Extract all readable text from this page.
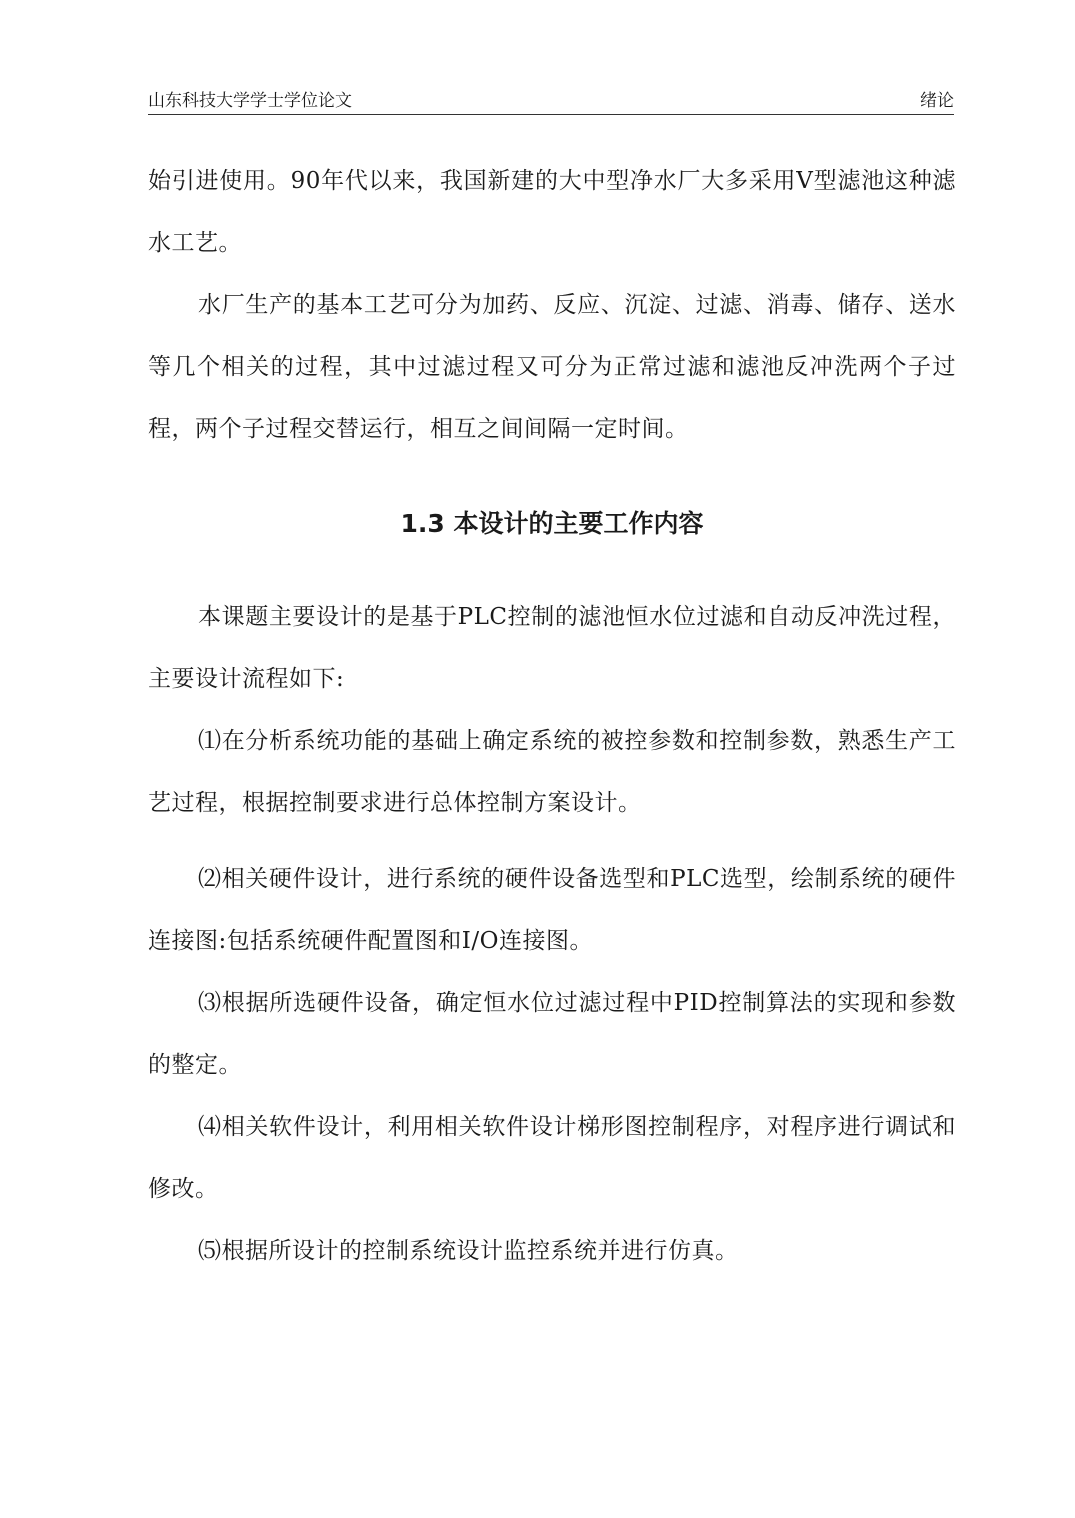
山东科技大学学士学位论文	绪论

始引进使用。90年代以来，我国新建的大中型净水厂大多采用V型滤池这种滤水工艺。

水厂生产的基本工艺可分为加药、反应、沉淀、过滤、消毒、储存、送水等几个相关的过程，其中过滤过程又可分为正常过滤和滤池反冲洗两个子过程，两个子过程交替运行，相互之间间隔一定时间。

1.3 本设计的主要工作内容

本课题主要设计的是基于PLC控制的滤池恒水位过滤和自动反冲洗过程，主要设计流程如下:

⑴在分析系统功能的基础上确定系统的被控参数和控制参数，熟悉生产工艺过程，根据控制要求进行总体控制方案设计。

⑵相关硬件设计，进行系统的硬件设备选型和PLC选型，绘制系统的硬件连接图:包括系统硬件配置图和I/O连接图。

⑶根据所选硬件设备，确定恒水位过滤过程中PID控制算法的实现和参数的整定。

⑷相关软件设计，利用相关软件设计梯形图控制程序，对程序进行调试和修改。

⑸根据所设计的控制系统设计监控系统并进行仿真。
